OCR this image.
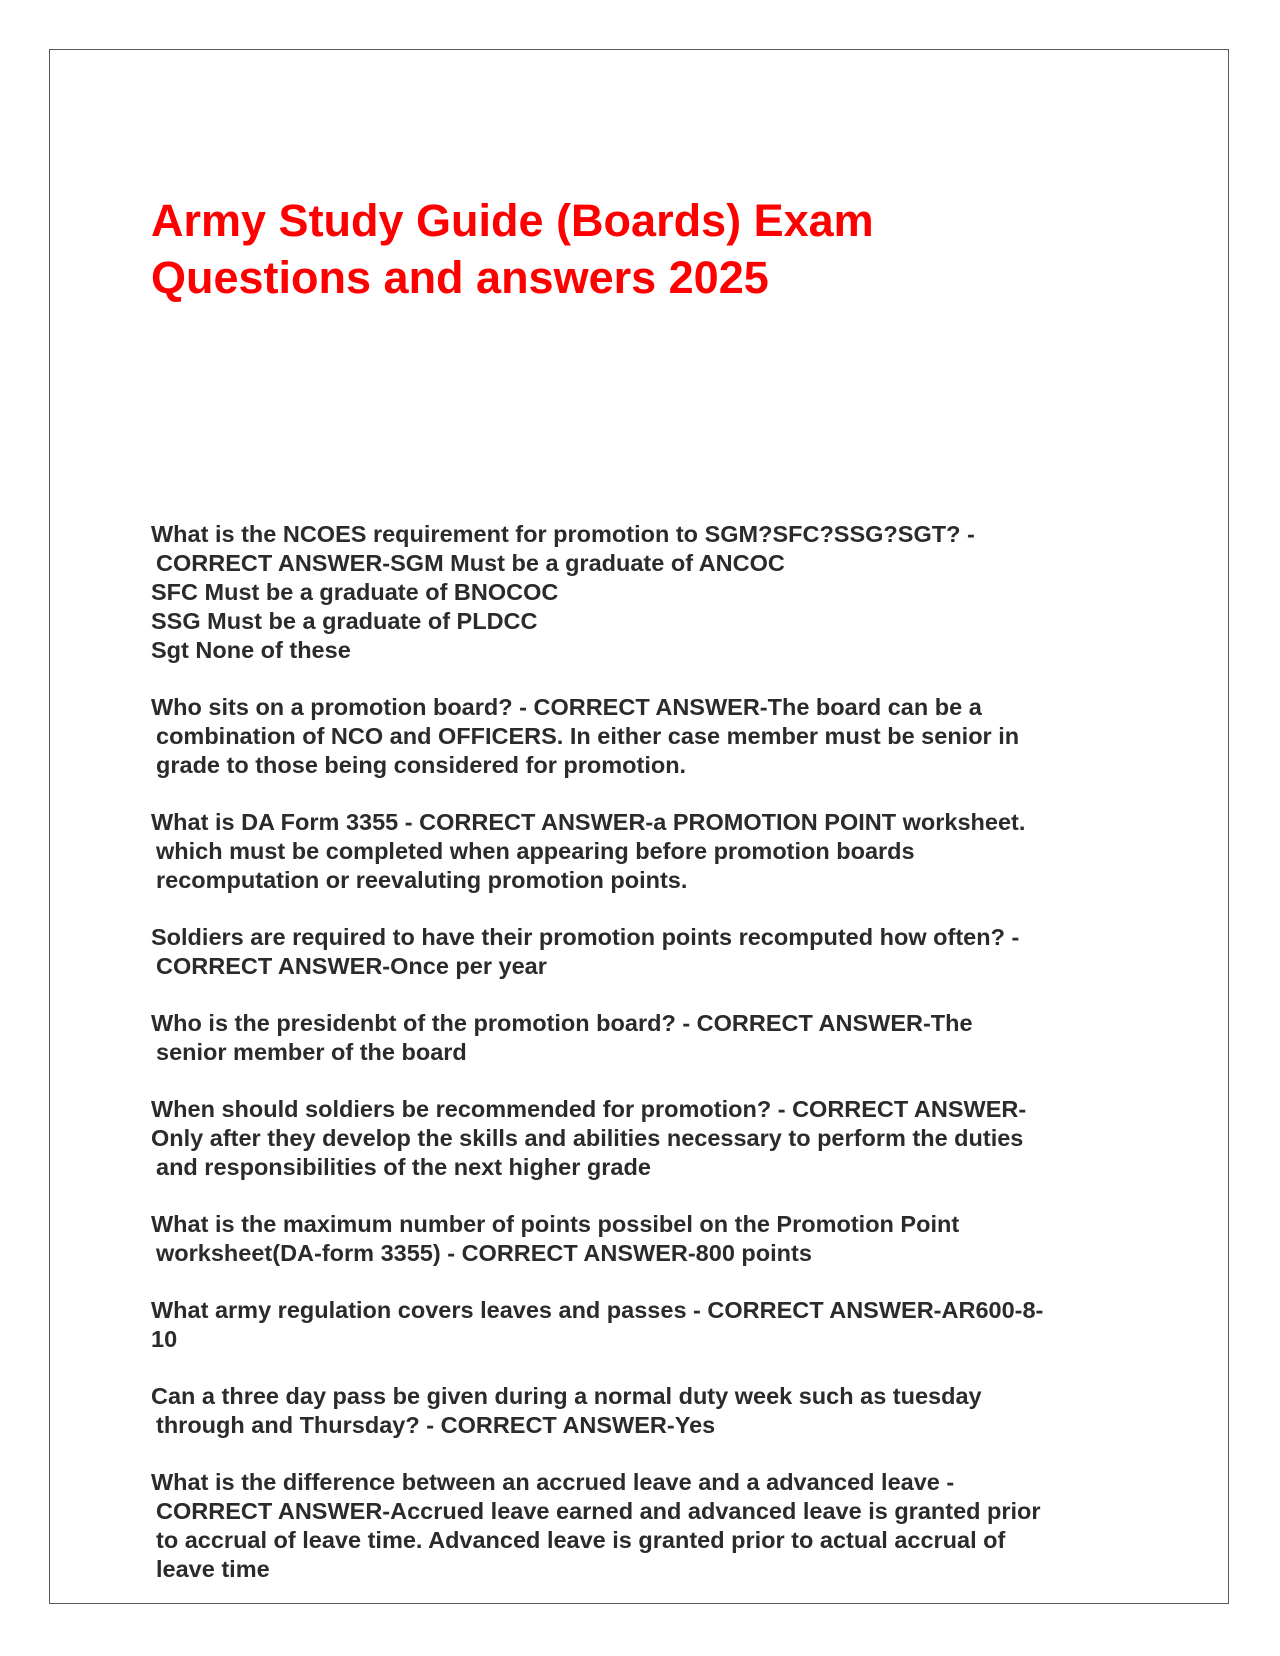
Army Study Guide (Boards) Exam
Questions and answers 2025
What is the NCOES requirement for promotion to SGM?SFC?SSG?SGT? -
CORRECT ANSWER-SGM Must be a graduate of ANCOC
SFC Must be a graduate of BNOCOC
SSG Must be a graduate of PLDCC
Sgt None of these
Who sits on a promotion board? - CORRECT ANSWER-The board can be a
combination of NCO and OFFICERS. In either case member must be senior in
grade to those being considered for promotion.
What is DA Form 3355 - CORRECT ANSWER-a PROMOTION POINT worksheet.
which must be completed when appearing before promotion boards
recomputation or reevaluting promotion points.
Soldiers are required to have their promotion points recomputed how often? -
CORRECT ANSWER-Once per year
Who is the presidenbt of the promotion board? - CORRECT ANSWER-The
senior member of the board
When should soldiers be recommended for promotion? - CORRECT ANSWER-
Only after they develop the skills and abilities necessary to perform the duties
and responsibilities of the next higher grade
What is the maximum number of points possibel on the Promotion Point
worksheet(DA-form 3355) - CORRECT ANSWER-800 points
What army regulation covers leaves and passes - CORRECT ANSWER-AR600-8-
10
Can a three day pass be given during a normal duty week such as tuesday
through and Thursday? - CORRECT ANSWER-Yes
What is the difference between an accrued leave and a advanced leave -
CORRECT ANSWER-Accrued leave earned and advanced leave is granted prior
to accrual of leave time. Advanced leave is granted prior to actual accrual of
leave time
